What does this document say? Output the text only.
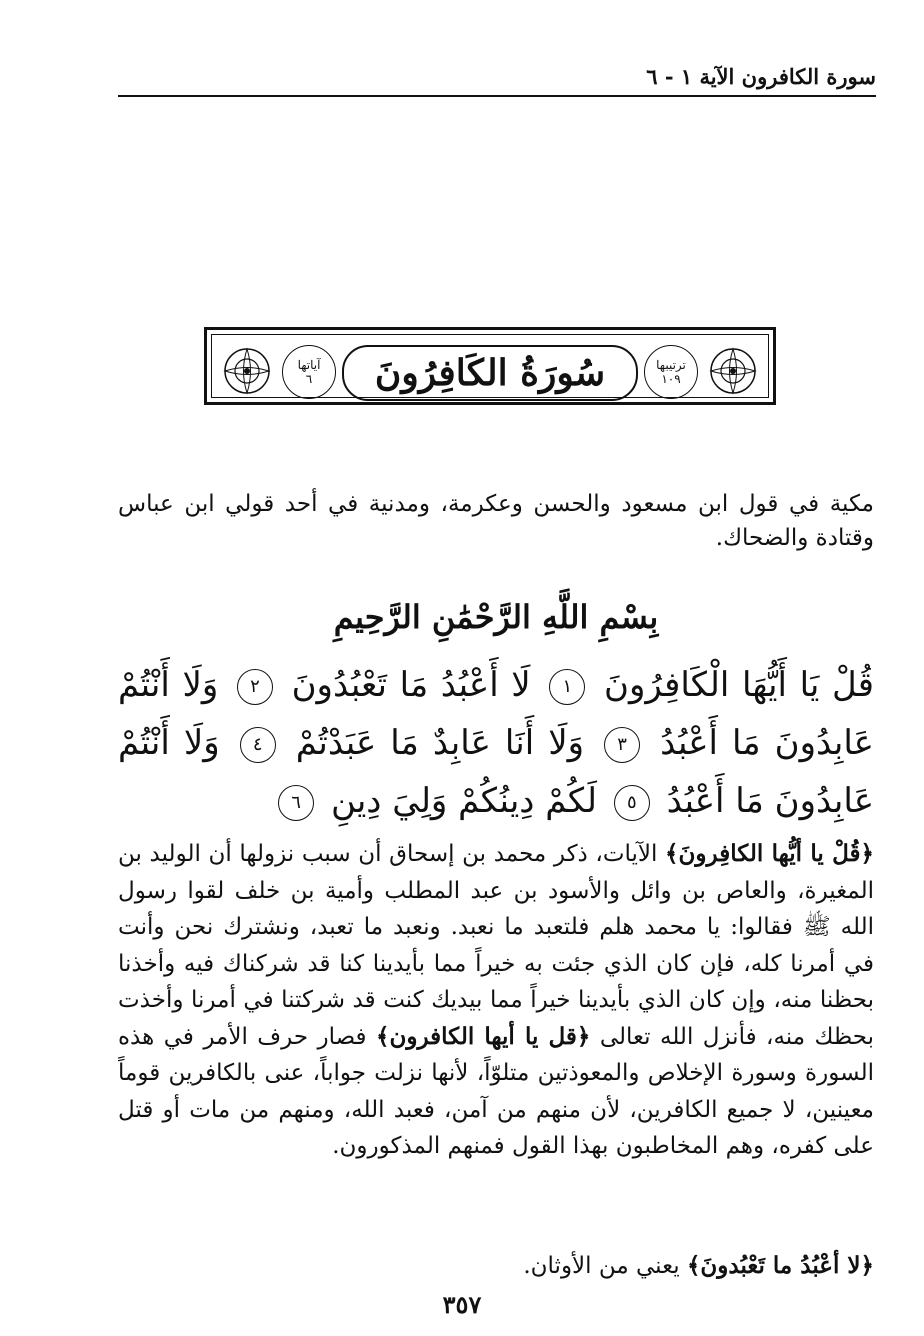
سورة الكافرون الآية ١ - ٦
ترتيبها
١٠٩
سُورَةُ الكَافِرُونَ
آياتها
٦
مكية في قول ابن مسعود والحسن وعكرمة، ومدنية في أحد قولي ابن عباس وقتادة والضحاك.
بِسْمِ اللَّهِ الرَّحْمَٰنِ الرَّحِيمِ
قُلْ يَا أَيُّهَا الْكَافِرُونَ ١ لَا أَعْبُدُ مَا تَعْبُدُونَ ٢ وَلَا أَنْتُمْ عَابِدُونَ مَا أَعْبُدُ ٣ وَلَا أَنَا عَابِدٌ مَا عَبَدْتُمْ ٤ وَلَا أَنْتُمْ عَابِدُونَ مَا أَعْبُدُ ٥ لَكُمْ دِينُكُمْ وَلِيَ دِينِ ٦
﴿قُلْ يا أيُّها الكافِرونَ﴾ الآيات، ذكر محمد بن إسحاق أن سبب نزولها أن الوليد بن المغيرة، والعاص بن وائل والأسود بن عبد المطلب وأمية بن خلف لقوا رسول الله ﷺ فقالوا: يا محمد هلم فلتعبد ما نعبد. ونعبد ما تعبد، ونشترك نحن وأنت في أمرنا كله، فإن كان الذي جئت به خيراً مما بأيدينا كنا قد شركناك فيه وأخذنا بحظنا منه، وإن كان الذي بأيدينا خيراً مما بيديك كنت قد شركتنا في أمرنا وأخذت بحظك منه، فأنزل الله تعالى ﴿قل يا أيها الكافرون﴾ فصار حرف الأمر في هذه السورة وسورة الإخلاص والمعوذتين متلوّاً، لأنها نزلت جواباً، عنى بالكافرين قوماً معينين، لا جميع الكافرين، لأن منهم من آمن، فعبد الله، ومنهم من مات أو قتل على كفره، وهم المخاطبون بهذا القول فمنهم المذكورون.
﴿لا أعْبُدُ ما تَعْبُدونَ﴾ يعني من الأوثان.
٣٥٧
